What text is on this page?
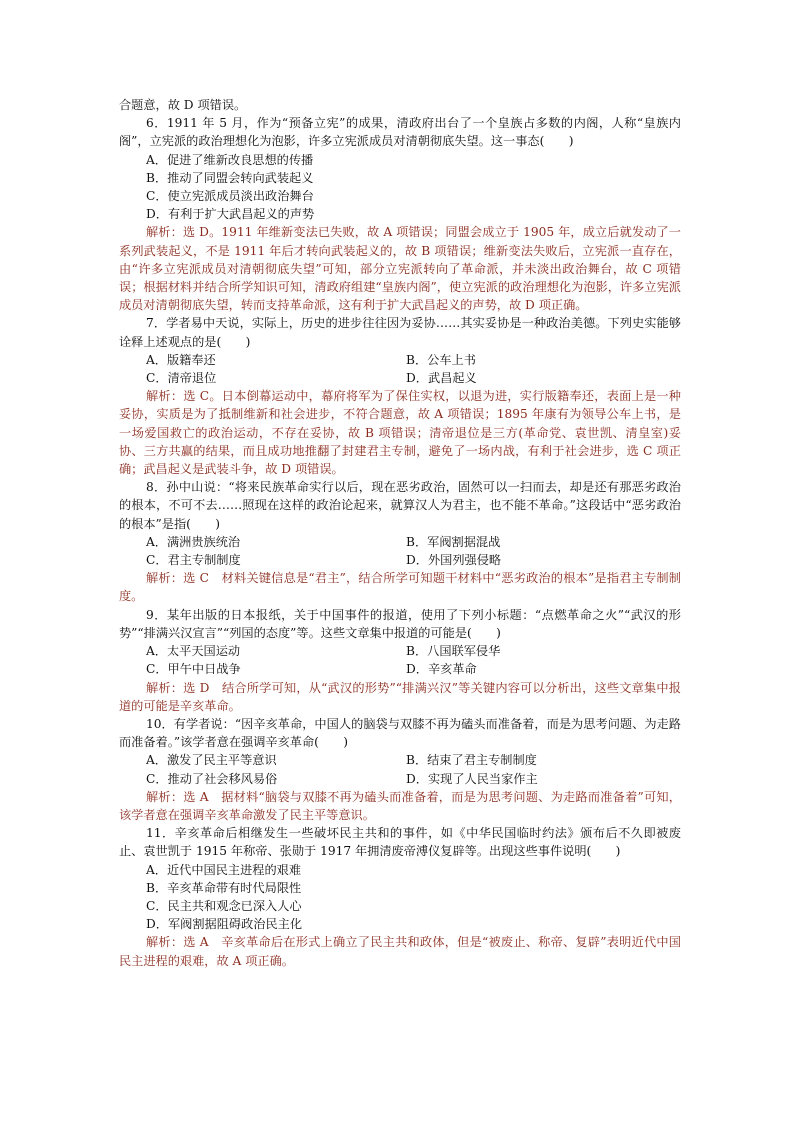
合题意，故 D 项错误。

6．1911 年 5 月，作为“预备立宪”的成果，清政府出台了一个皇族占多数的内阁，人称“皇族内阁”，立宪派的政治理想化为泡影，许多立宪派成员对清朝彻底失望。这一事态(　　)

A．促进了维新改良思想的传播
B．推动了同盟会转向武装起义
C．使立宪派成员淡出政治舞台
D．有利于扩大武昌起义的声势

解析：选 D。1911 年维新变法已失败，故 A 项错误；同盟会成立于 1905 年，成立后就发动了一系列武装起义，不是 1911 年后才转向武装起义的，故 B 项错误；维新变法失败后，立宪派一直存在，由“许多立宪派成员对清朝彻底失望”可知，部分立宪派转向了革命派，并未淡出政治舞台，故 C 项错误；根据材料并结合所学知识可知，清政府组建“皇族内阁”，使立宪派的政治理想化为泡影，许多立宪派成员对清朝彻底失望，转而支持革命派，这有利于扩大武昌起义的声势，故 D 项正确。

7．学者易中天说，实际上，历史的进步往往因为妥协……其实妥协是一种政治美德。下列史实能够诠释上述观点的是(　　)

A．版籍奉还	B．公车上书
C．清帝退位	D．武昌起义

解析：选 C。日本倒幕运动中，幕府将军为了保住实权，以退为进，实行版籍奉还，表面上是一种妥协，实质是为了抵制维新和社会进步，不符合题意，故 A 项错误；1895 年康有为领导公车上书，是一场爱国救亡的政治运动，不存在妥协，故 B 项错误；清帝退位是三方(革命党、袁世凯、清皇室)妥协、三方共赢的结果，而且成功地推翻了封建君主专制，避免了一场内战，有利于社会进步，选 C 项正确；武昌起义是武装斗争，故 D 项错误。

8．孙中山说：“将来民族革命实行以后，现在恶劣政治，固然可以一扫而去，却是还有那恶劣政治的根本，不可不去……照现在这样的政治论起来，就算汉人为君主，也不能不革命。”这段话中“恶劣政治的根本”是指(　　)

A．满洲贵族统治	B．军阀割据混战
C．君主专制制度	D．外国列强侵略

解析：选 C　材料关键信息是“君主”，结合所学可知题干材料中“恶劣政治的根本”是指君主专制制度。

9．某年出版的日本报纸，关于中国事件的报道，使用了下列小标题：“点燃革命之火”“武汉的形势”“排满兴汉宣言”“列国的态度”等。这些文章集中报道的可能是(　　)

A．太平天国运动	B．八国联军侵华
C．甲午中日战争	D．辛亥革命

解析：选 D　结合所学可知，从“武汉的形势”“排满兴汉”等关键内容可以分析出，这些文章集中报道的可能是辛亥革命。

10．有学者说：“因辛亥革命，中国人的脑袋与双膝不再为磕头而准备着，而是为思考问题、为走路而准备着。”该学者意在强调辛亥革命(　　)

A．激发了民主平等意识	B．结束了君主专制制度
C．推动了社会移风易俗	D．实现了人民当家作主

解析：选 A　据材料“脑袋与双膝不再为磕头而准备着，而是为思考问题、为走路而准备着”可知，该学者意在强调辛亥革命激发了民主平等意识。

11．辛亥革命后相继发生一些破坏民主共和的事件，如《中华民国临时约法》颁布后不久即被废止、袁世凯于 1915 年称帝、张勋于 1917 年拥清废帝溥仪复辟等。出现这些事件说明(　　)

A．近代中国民主进程的艰难
B．辛亥革命带有时代局限性
C．民主共和观念已深入人心
D．军阀割据阻碍政治民主化

解析：选 A　辛亥革命后在形式上确立了民主共和政体，但是“被废止、称帝、复辟”表明近代中国民主进程的艰难，故 A 项正确。
